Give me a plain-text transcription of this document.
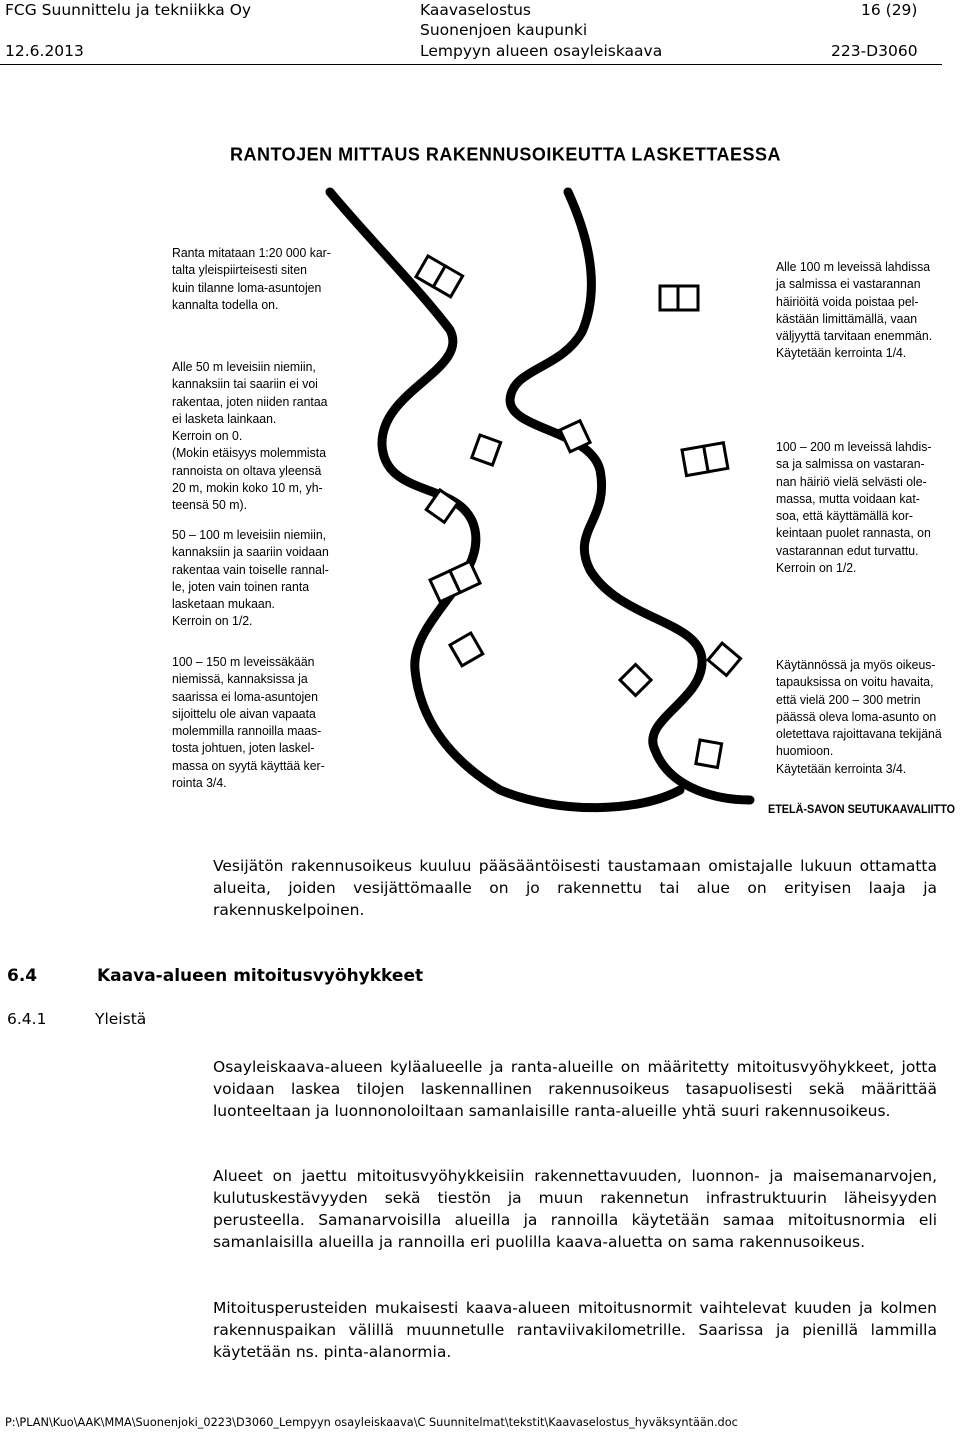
FCG Suunnittelu ja tekniikka Oy
12.6.2013
Kaavaselostus
Suonenjoen kaupunki
Lempyyn alueen osayleiskaava
16 (29)
223-D3060
RANTOJEN MITTAUS RAKENNUSOIKEUTTA LASKETTAESSA
Ranta mitataan 1:20 000 kar-
talta yleispiirteisesti siten
kuin tilanne loma-asuntojen
kannalta todella on.
Alle 50 m leveisiin niemiin,
kannaksiin tai saariin ei voi
rakentaa, joten niiden rantaa
ei lasketa lainkaan.
Kerroin on 0.
(Mokin etäisyys molemmista
rannoista on oltava yleensä
20 m, mokin koko 10 m, yh-
teensä 50 m).
50 – 100 m leveisiin niemiin,
kannaksiin ja saariin voidaan
rakentaa vain toiselle rannal-
le, joten vain toinen ranta
lasketaan mukaan.
Kerroin on 1/2.
100 – 150 m leveissäkään
niemissä, kannaksissa ja
saarissa ei loma-asuntojen
sijoittelu ole aivan vapaata
molemmilla rannoilla maas-
tosta johtuen, joten laskel-
massa on syytä käyttää ker-
rointa 3/4.
Alle 100 m leveissä lahdissa
ja salmissa ei vastarannan
häiriöitä voida poistaa pel-
kästään limittämällä, vaan
väljyyttä tarvitaan enemmän.
Käytetään kerrointa 1/4.
100 – 200 m leveissä lahdis-
sa ja salmissa on vastaran-
nan häiriö vielä selvästi ole-
massa, mutta voidaan kat-
soa, että käyttämällä kor-
keintaan puolet rannasta, on
vastarannan edut turvattu.
Kerroin on 1/2.
Käytännössä ja myös oikeus-
tapauksissa on voitu havaita,
että vielä 200 – 300 metrin
päässä oleva loma-asunto on
oletettava rajoittavana tekijänä
huomioon.
Käytetään kerrointa 3/4.
ETELÄ-SAVON SEUTUKAAVALIITTO
Vesijätön rakennusoikeus kuuluu pääsääntöisesti taustamaan omistajalle lukuun ottamatta alueita, joiden vesijättömaalle on jo rakennettu tai alue on erityisen laaja ja rakennuskelpoinen.
6.4	Kaava-alueen mitoitusvyöhykkeet
6.4.1	Yleistä
Osayleiskaava-alueen kyläalueelle ja ranta-alueille on määritetty mitoitusvyöhykkeet, jotta voidaan laskea tilojen laskennallinen rakennusoikeus tasapuolisesti sekä määrittää luonteeltaan ja luonnonoloiltaan samanlaisille ranta-alueille yhtä suuri rakennusoikeus.
Alueet on jaettu mitoitusvyöhykkeisiin rakennettavuuden, luonnon- ja maisemanarvojen, kulutuskestävyyden sekä tiestön ja muun rakennetun infrastruktuurin läheisyyden perusteella. Samanarvoisilla alueilla ja rannoilla käytetään samaa mitoitusnormia eli samanlaisilla alueilla ja rannoilla eri puolilla kaava-aluetta on sama rakennusoikeus.
Mitoitusperusteiden mukaisesti kaava-alueen mitoitusnormit vaihtelevat kuuden ja kolmen rakennuspaikan välillä muunnetulle rantaviivakilometrille. Saarissa ja pienillä lammilla käytetään ns. pinta-alanormia.
P:\PLAN\Kuo\AAK\MMA\Suonenjoki_0223\D3060_Lempyyn osayleiskaava\C Suunnitelmat\tekstit\Kaavaselostus_hyväksyntään.doc
